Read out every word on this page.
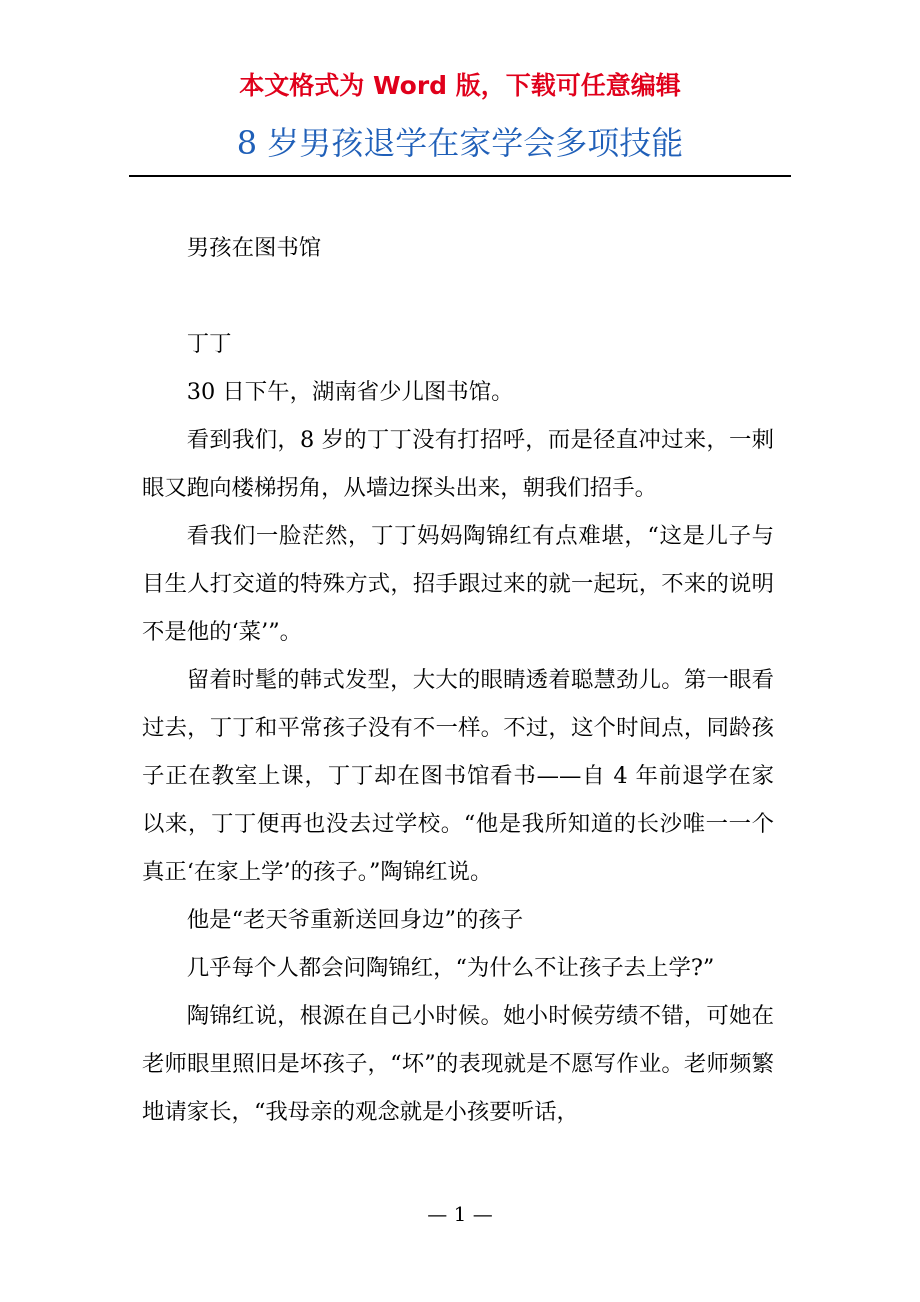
本文格式为 Word 版，下载可任意编辑
8 岁男孩退学在家学会多项技能

男孩在图书馆

丁丁

30 日下午，湖南省少儿图书馆。

看到我们，8 岁的丁丁没有打招呼，而是径直冲过来，一刺眼又跑向楼梯拐角，从墙边探头出来，朝我们招手。

看我们一脸茫然，丁丁妈妈陶锦红有点难堪，“这是儿子与目生人打交道的特殊方式，招手跟过来的就一起玩，不来的说明不是他的‘菜’”。

留着时髦的韩式发型，大大的眼睛透着聪慧劲儿。第一眼看过去，丁丁和平常孩子没有不一样。不过，这个时间点，同龄孩子正在教室上课，丁丁却在图书馆看书——自 4 年前退学在家以来，丁丁便再也没去过学校。“他是我所知道的长沙唯一一个真正‘在家上学’的孩子。”陶锦红说。

他是“老天爷重新送回身边”的孩子

几乎每个人都会问陶锦红，“为什么不让孩子去上学?”

陶锦红说，根源在自己小时候。她小时候劳绩不错，可她在老师眼里照旧是坏孩子，“坏”的表现就是不愿写作业。老师频繁地请家长，“我母亲的观念就是小孩要听话，

— 1 —
